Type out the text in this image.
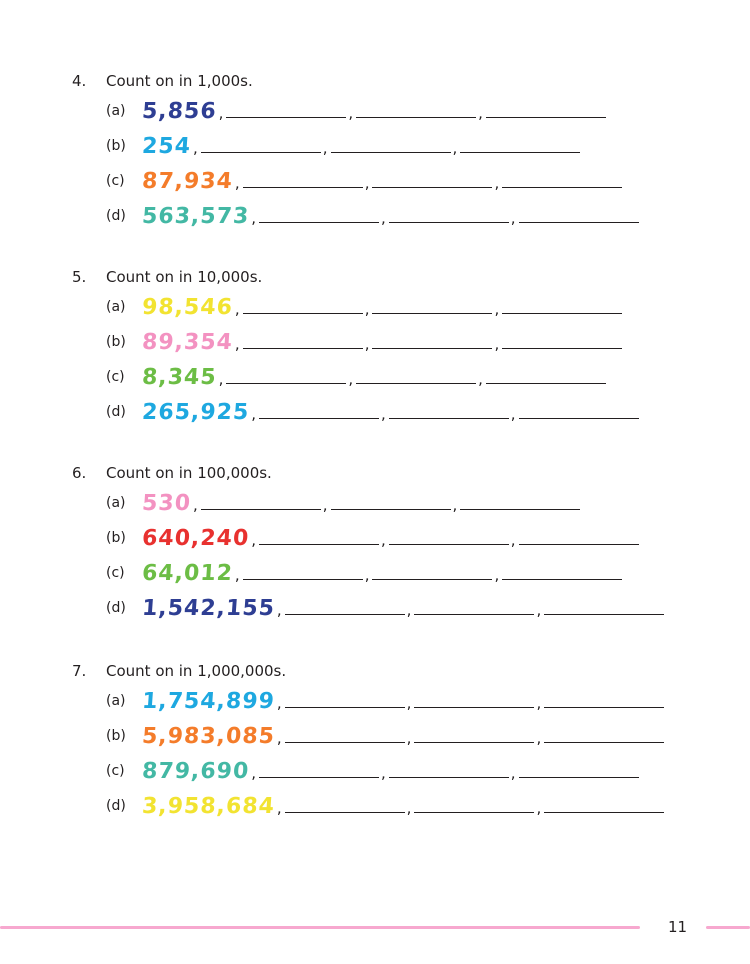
4. Count on in 1,000s.
(a) 5,856 ,	,	,
(b) 254 ,	,	,
(c) 87,934 ,	,	,
(d) 563,573 ,	,	,
5. Count on in 10,000s.
(a) 98,546 ,	,	,
(b) 89,354 ,	,	,
(c) 8,345 ,	,	,
(d) 265,925 ,	,	,
6. Count on in 100,000s.
(a) 530 ,	,	,
(b) 640,240 ,	,	,
(c) 64,012 ,	,	,
(d) 1,542,155 ,	,	,
7. Count on in 1,000,000s.
(a) 1,754,899 ,	,	,
(b) 5,983,085 ,	,	,
(c) 879,690 ,	,	,
(d) 3,958,684 ,	,	,
11
